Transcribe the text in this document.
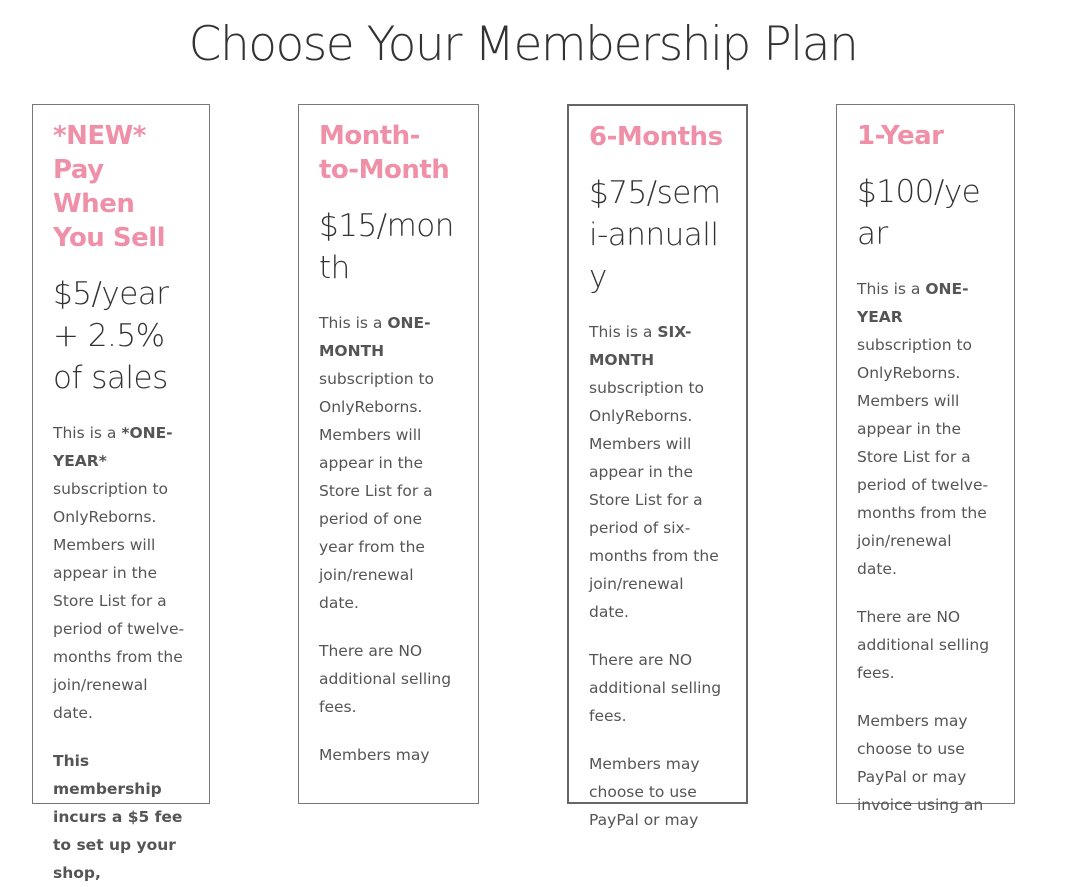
Choose Your Membership Plan
*NEW* Pay When You Sell
$5/year + 2.5% of sales

This is a *ONE-YEAR* subscription to OnlyReborns. Members will appear in the Store List for a period of twelve-months from the join/renewal date.

This membership incurs a $5 fee to set up your shop,

Month-to-Month
$15/month

This is a ONE-MONTH subscription to OnlyReborns. Members will appear in the Store List for a period of one year from the join/renewal date.

There are NO additional selling fees.

Members may

6-Months
$75/semi-annually

This is a SIX-MONTH subscription to OnlyReborns. Members will appear in the Store List for a period of six-months from the join/renewal date.

There are NO additional selling fees.

Members may choose to use PayPal or may

1-Year
$100/year

This is a ONE-YEAR subscription to OnlyReborns. Members will appear in the Store List for a period of twelve-months from the join/renewal date.

There are NO additional selling fees.

Members may choose to use PayPal or may invoice using an
